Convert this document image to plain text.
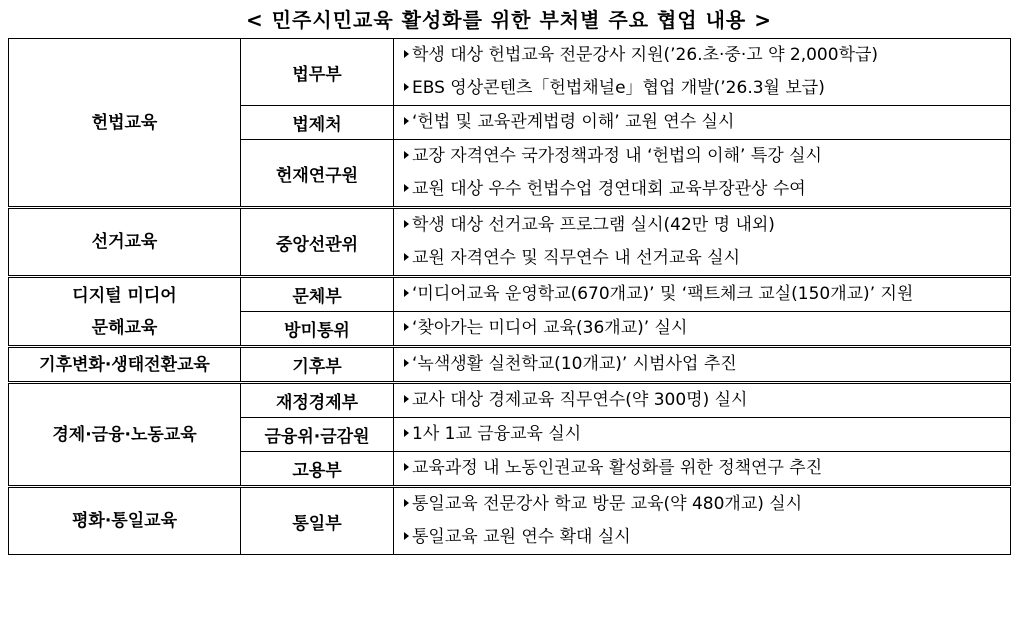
< 민주시민교육 활성화를 위한 부처별 주요 협업 내용 >
헌법교육	법무부	학생 대상 헌법교육 전문강사 지원(’26.초·중·고 약 2,000학급)
EBS 영상콘텐츠「헌법채널e」협업 개발(’26.3월 보급)

	법제처	‘헌법 및 교육관계법령 이해’ 교원 연수 실시

	헌재연구원	교장 자격연수 국가정책과정 내 ‘헌법의 이해’ 특강 실시
교원 대상 우수 헌법수업 경연대회 교육부장관상 수여

선거교육	중앙선관위	학생 대상 선거교육 프로그램 실시(42만 명 내외)
교원 자격연수 및 직무연수 내 선거교육 실시

디지털 미디어
문해교육	문체부	‘미디어교육 운영학교(670개교)’ 및 ‘팩트체크 교실(150개교)’ 지원

	방미통위	‘찾아가는 미디어 교육(36개교)’ 실시

기후변화·생태전환교육	기후부	‘녹색생활 실천학교(10개교)’ 시범사업 추진

경제·금융·노동교육	재정경제부	교사 대상 경제교육 직무연수(약 300명) 실시

	금융위·금감원	1사 1교 금융교육 실시

	고용부	교육과정 내 노동인권교육 활성화를 위한 정책연구 추진

평화·통일교육	통일부	통일교육 전문강사 학교 방문 교육(약 480개교) 실시
통일교육 교원 연수 확대 실시
